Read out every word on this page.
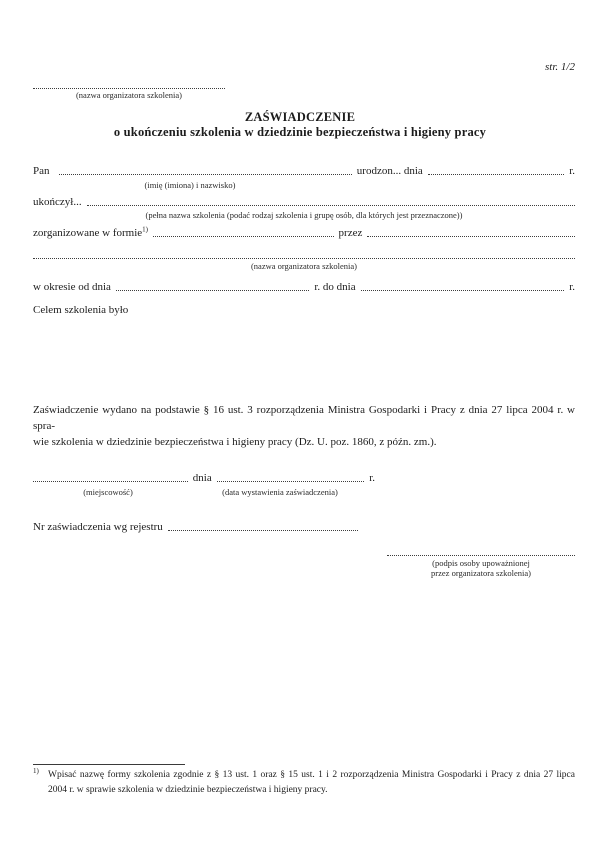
str. 1/2
(nazwa organizatora szkolenia)
ZAŚWIADCZENIE
o ukończeniu szkolenia w dziedzinie bezpieczeństwa i higieny pracy
Pan	urodzon... dnia	r.
(imię (imiona) i nazwisko)
ukończył...
(pełna nazwa szkolenia (podać rodzaj szkolenia i grupę osób, dla których jest przeznaczone))
zorganizowane w formie$^{1)}$	przez
(nazwa organizatora szkolenia)
w okresie od dnia	r. do dnia	r.
Celem szkolenia było
Zaświadczenie wydano na podstawie § 16 ust. 3 rozporządzenia Ministra Gospodarki i Pracy z dnia 27 lipca 2004 r. w spra-
wie szkolenia w dziedzinie bezpieczeństwa i higieny pracy (Dz. U. poz. 1860, z późn. zm.).
dnia	r.
(miejscowość)	(data wystawienia zaświadczenia)
Nr zaświadczenia wg rejestru
(podpis osoby upoważnionej
przez organizatora szkolenia)
1) Wpisać nazwę formy szkolenia zgodnie z § 13 ust. 1 oraz § 15 ust. 1 i 2 rozporządzenia Ministra Gospodarki i Pracy z dnia 27 lipca
2004 r. w sprawie szkolenia w dziedzinie bezpieczeństwa i higieny pracy.
